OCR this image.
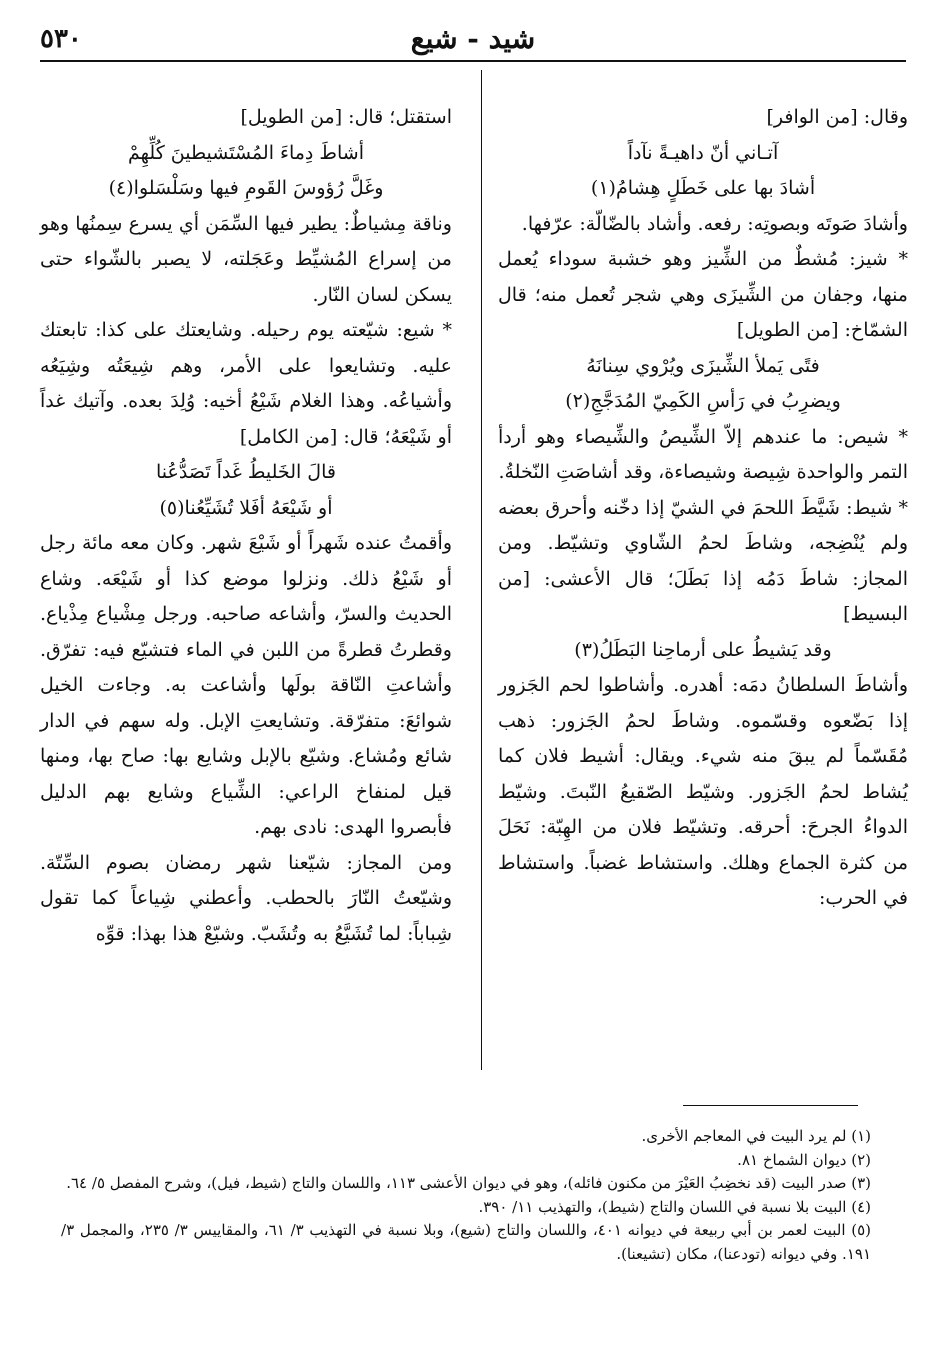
٥٣٠	شيد - شيع

وقال: [من الوافر]

آتـاني أنّ داهيـةً نآداً

أشادَ بها على خَطَلٍ هِشامُ(١)

وأشادَ صَوتَه وبصوتِه: رفعه. وأشاد بالضّالّة: عرّفها.

* شيز: مُشطٌ من الشِّيز وهو خشبة سوداء يُعمل منها، وجفان من الشِّيزَى وهي شجر تُعمل منه؛ قال الشمّاخ: [من الطويل]

فتًى يَملأ الشِّيزَى ويُرْوي سِنانَهُ

ويضرِبُ في رَأسِ الكَمِيّ المُدَجَّجِ(٢)

* شيص: ما عندهم إلاّ الشِّيصُ والشِّيصاء وهو أردأ التمر والواحدة شِيصة وشيصاءة، وقد أشاصَتِ النّخلةُ.

* شيط: شَيَّطَ اللحمَ في الشيّ إذا دخّنه وأحرق بعضه ولم يُنْضِجه، وشاطَ لحمُ الشّاوي وتشيّط. ومن المجاز: شاطَ دَمُه إذا بَطَلَ؛ قال الأعشى: [من البسيط]

وقد يَشيطُ على أرماحِنا البَطَلُ(٣)

وأشاطَ السلطانُ دمَه: أهدره. وأشاطوا لحم الجَزور إذا بَضّعوه وقسّموه. وشاطَ لحمُ الجَزور: ذهب مُقَسّماً لم يبقَ منه شيء. ويقال: أشيط فلان كما يُشاط لحمُ الجَزور. وشيّط الصّقيعُ النّبتَ. وشيّط الدواءُ الجرحَ: أحرقه. وتشيّط فلان من الهِبّة: نَحَلَ من كثرة الجماع وهلك. واستشاط غضباً. واستشاط في الحرب:

استقتل؛ قال: [من الطويل]

أشاطَ دِماءَ المُسْتَشيطينَ كُلِّهِمْ

وغَلَّ رُؤوسَ القَومِ فيها وسَلْسَلوا(٤)

وناقة مِشياطٌ: يطير فيها السِّمَن أي يسرع سِمنُها وهو من إسراع المُشيِّط وعَجَلته، لا يصبر بالشّواء حتى يسكن لسان النّار.

* شيع: شيّعته يوم رحيله. وشايعتك على كذا: تابعتك عليه. وتشايعوا على الأمر، وهم شِيعَتُه وشِيَعُه وأشياعُه. وهذا الغلام شَيْعُ أخيه: وُلِدَ بعده. وآتيك غداً أو شَيْعَهُ؛ قال: [من الكامل]

قالَ الخَليطُ غَداً تَصَدُّعُنا

أو شَيْعَهُ أفَلا تُشَيِّعُنا(٥)

وأقمتُ عنده شَهراً أو شَيْعَ شهر. وكان معه مائة رجل أو شَيْعُ ذلك. ونزلوا موضع كذا أو شَيْعَه. وشاع الحديث والسرّ، وأشاعه صاحبه. ورجل مِشْياع مِذْياع. وقطرتُ قطرةً من اللبن في الماء فتشيّع فيه: تفرّق. وأشاعتِ النّاقة بولَها وأشاعت به. وجاءت الخيل شوائعَ: متفرّقة. وتشايعتِ الإبل. وله سهم في الدار شائع ومُشاع. وشيّع بالإبل وشايع بها: صاح بها، ومنها قيل لمنفاخ الراعي: الشِّياع وشايع بهم الدليل فأبصروا الهدى: نادى بهم.

ومن المجاز: شيّعنا شهر رمضان بصوم السِّتّة. وشيّعتُ النّارَ بالحطب. وأعطني شِياعاً كما تقول شِباباً: لما تُشَيَّعُ به وتُشَبّ. وشيّعْ هذا بهذا: قوِّه

(١) لم يرد البيت في المعاجم الأخرى.

(٢) ديوان الشماخ ٨١.

(٣) صدر البيت (قد نخضِبُ العَيْرَ من مكنون فائله)، وهو في ديوان الأعشى ١١٣، واللسان والتاج (شيط، فيل)، وشرح المفصل ٥/ ٦٤.

(٤) البيت بلا نسبة في اللسان والتاج (شيط)، والتهذيب ١١/ ٣٩٠.

(٥) البيت لعمر بن أبي ربيعة في ديوانه ٤٠١، واللسان والتاج (شيع)، وبلا نسبة في التهذيب ٣/ ٦١، والمقاييس ٣/ ٢٣٥، والمجمل ٣/ ١٩١. وفي ديوانه (تودعنا)، مكان (تشيعنا).
